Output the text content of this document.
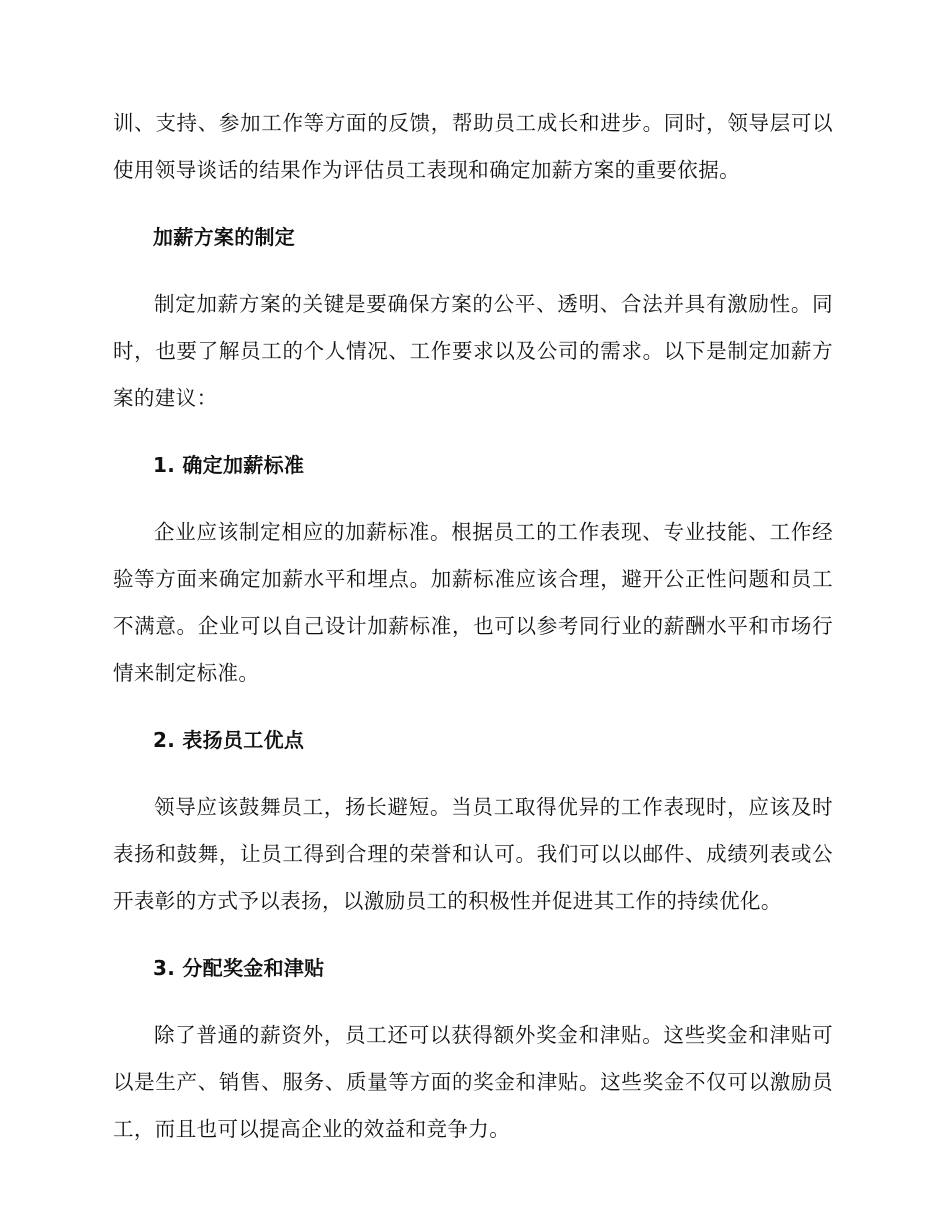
训、支持、参加工作等方面的反馈，帮助员工成长和进步。同时，领导层可以使用领导谈话的结果作为评估员工表现和确定加薪方案的重要依据。

加薪方案的制定

制定加薪方案的关键是要确保方案的公平、透明、合法并具有激励性。同时，也要了解员工的个人情况、工作要求以及公司的需求。以下是制定加薪方案的建议：

1. 确定加薪标准

企业应该制定相应的加薪标准。根据员工的工作表现、专业技能、工作经验等方面来确定加薪水平和埋点。加薪标准应该合理，避开公正性问题和员工不满意。企业可以自己设计加薪标准，也可以参考同行业的薪酬水平和市场行情来制定标准。

2. 表扬员工优点

领导应该鼓舞员工，扬长避短。当员工取得优异的工作表现时，应该及时表扬和鼓舞，让员工得到合理的荣誉和认可。我们可以以邮件、成绩列表或公开表彰的方式予以表扬，以激励员工的积极性并促进其工作的持续优化。

3. 分配奖金和津贴

除了普通的薪资外，员工还可以获得额外奖金和津贴。这些奖金和津贴可以是生产、销售、服务、质量等方面的奖金和津贴。这些奖金不仅可以激励员工，而且也可以提高企业的效益和竞争力。
